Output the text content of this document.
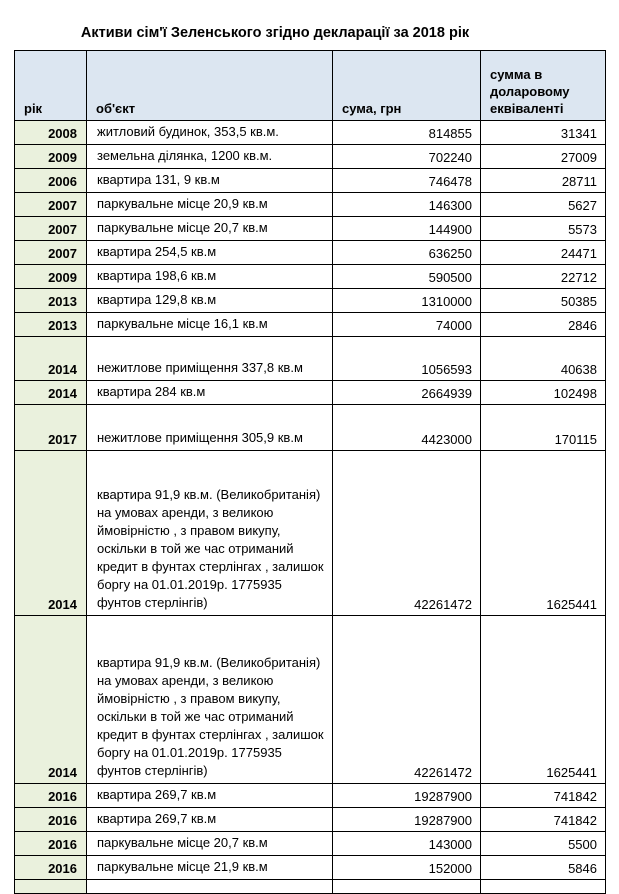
Активи сім'ї Зеленського згідно декларації за 2018 рік
рік	об'єкт	сума, грн	сумма в доларовому еквіваленті
2008	житловий будинок, 353,5 кв.м.	814855	31341
2009	земельна ділянка, 1200 кв.м.	702240	27009
2006	квартира 131, 9 кв.м	746478	28711
2007	паркувальне місце 20,9 кв.м	146300	5627
2007	паркувальне місце 20,7 кв.м	144900	5573
2007	квартира 254,5 кв.м	636250	24471
2009	квартира 198,6 кв.м	590500	22712
2013	квартира 129,8 кв.м	1310000	50385
2013	паркувальне місце 16,1 кв.м	74000	2846
2014	нежитлове приміщення 337,8 кв.м	1056593	40638
2014	квартира 284 кв.м	2664939	102498
2017	нежитлове приміщення 305,9 кв.м	4423000	170115
2014	квартира 91,9 кв.м. (Великобританія) на умовах аренди, з великою ймовірністю , з правом викупу, оскільки в той же час отриманий кредит в фунтах стерлінгах , залишок боргу на 01.01.2019р. 1775935 фунтов стерлінгів)	42261472	1625441
2014	квартира 91,9 кв.м. (Великобританія) на умовах аренди, з великою ймовірністю , з правом викупу, оскільки в той же час отриманий кредит в фунтах стерлінгах , залишок боргу на 01.01.2019р. 1775935 фунтов стерлінгів)	42261472	1625441
2016	квартира 269,7 кв.м	19287900	741842
2016	квартира 269,7 кв.м	19287900	741842
2016	паркувальне місце 20,7 кв.м	143000	5500
2016	паркувальне місце 21,9 кв.м	152000	5846
